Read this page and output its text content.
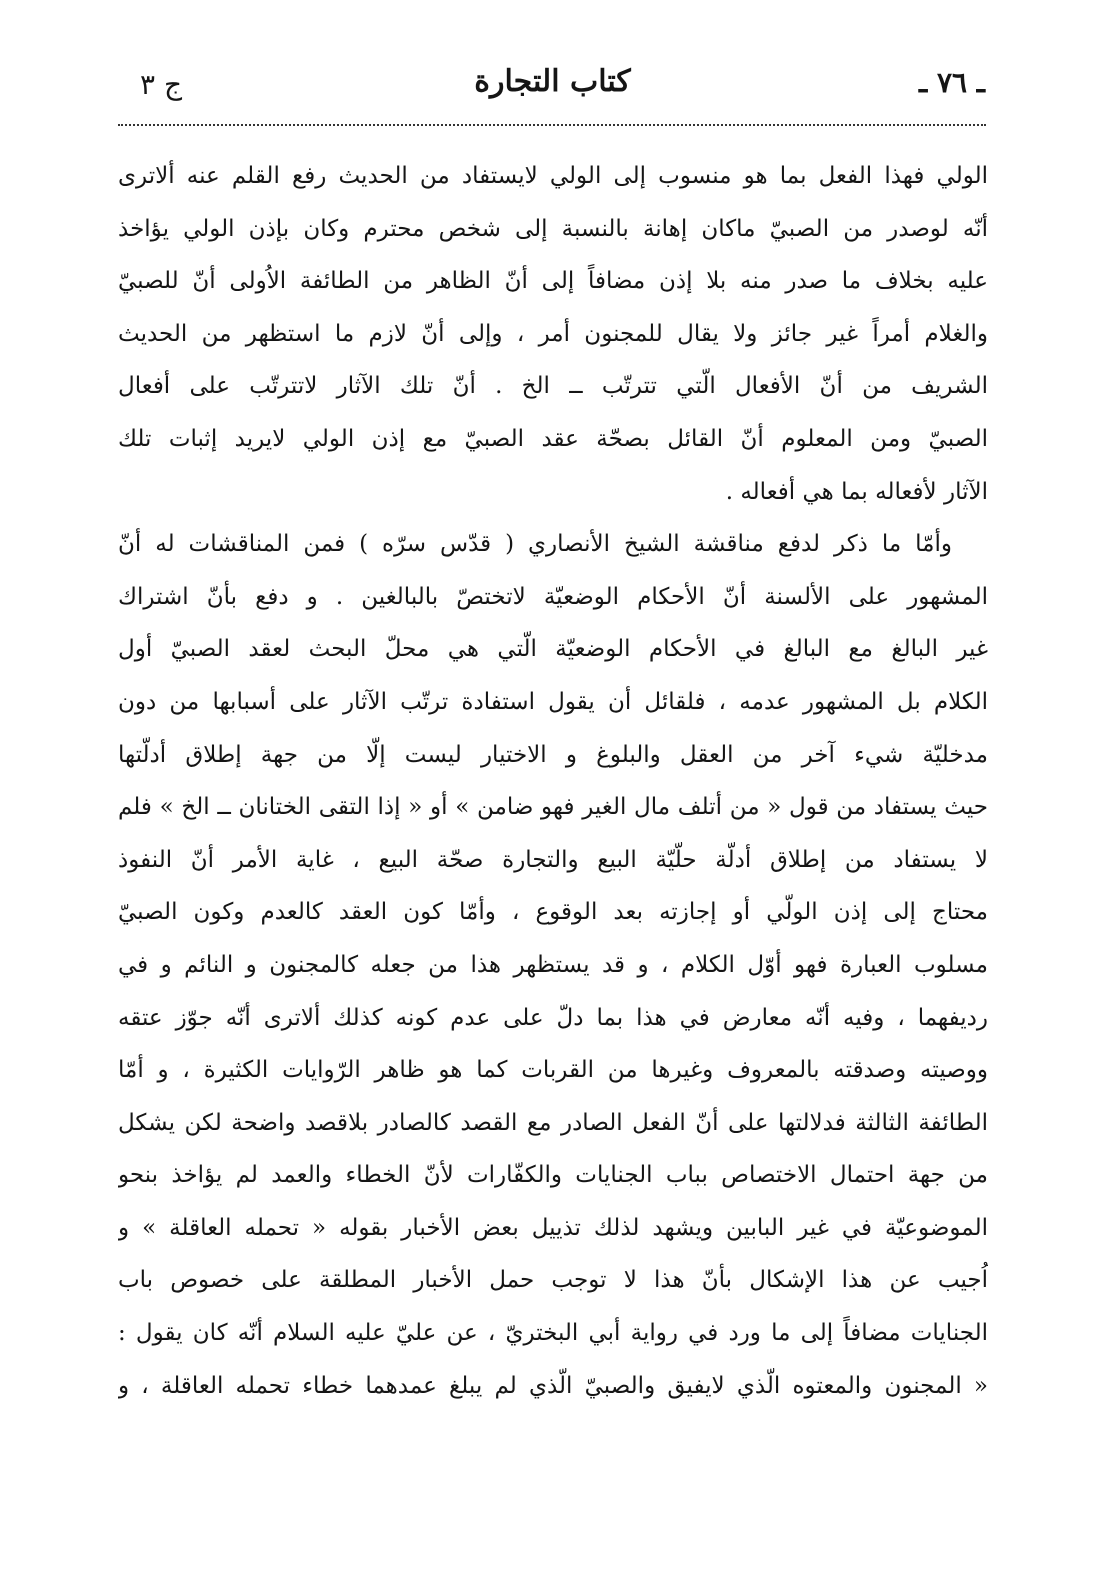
ـ ٧٦ ـ
كتاب التجارة
ج ٣
الولي فهذا الفعل بما هو منسوب إلى الولي لايستفاد من الحديث رفع القلم عنه ألاترى
أنّه لوصدر من الصبيّ ماكان إهانة بالنسبة إلى شخص محترم وكان بإذن الولي يؤاخذ
عليه بخلاف ما صدر منه بلا إذن مضافاً إلى أنّ الظاهر من الطائفة الاُولى أنّ للصبيّ
والغلام أمراً غير جائز ولا يقال للمجنون أمر ، وإلى أنّ لازم ما استظهر من الحديث
الشريف من أنّ الأفعال الّتي تترتّب ــ الخ . أنّ تلك الآثار لاتترتّب على أفعال
الصبيّ ومن المعلوم أنّ القائل بصحّة عقد الصبيّ مع إذن الولي لايريد إثبات تلك
الآثار لأفعاله بما هي أفعاله .
وأمّا ما ذكر لدفع مناقشة الشيخ الأنصاري ( قدّس سرّه ) فمن المناقشات له أنّ
المشهور على الألسنة أنّ الأحكام الوضعيّة لاتختصّ بالبالغين . و دفع بأنّ اشتراك
غير البالغ مع البالغ في الأحكام الوضعيّة الّتي هي محلّ البحث لعقد الصبيّ أول
الكلام بل المشهور عدمه ، فلقائل أن يقول استفادة ترتّب الآثار على أسبابها من دون
مدخليّة شيء آخر من العقل والبلوغ و الاختيار ليست إلّا من جهة إطلاق أدلّتها
حيث يستفاد من قول « من أتلف مال الغير فهو ضامن » أو « إذا التقى الختانان ــ الخ » فلم
لا يستفاد من إطلاق أدلّة حلّيّة البيع والتجارة صحّة البيع ، غاية الأمر أنّ النفوذ
محتاج إلى إذن الولّي أو إجازته بعد الوقوع ، وأمّا كون العقد كالعدم وكون الصبيّ
مسلوب العبارة فهو أوّل الكلام ، و قد يستظهر هذا من جعله كالمجنون و النائم و في
رديفهما ، وفيه أنّه معارض في هذا بما دلّ على عدم كونه كذلك ألاترى أنّه جوّز عتقه
ووصيته وصدقته بالمعروف وغيرها من القربات كما هو ظاهر الرّوايات الكثيرة ، و أمّا
الطائفة الثالثة فدلالتها على أنّ الفعل الصادر مع القصد كالصادر بلاقصد واضحة لكن يشكل
من جهة احتمال الاختصاص بباب الجنايات والكفّارات لأنّ الخطاء والعمد لم يؤاخذ بنحو
الموضوعيّة في غير البابين ويشهد لذلك تذييل بعض الأخبار بقوله « تحمله العاقلة » و
اُجيب عن هذا الإشكال بأنّ هذا لا توجب حمل الأخبار المطلقة على خصوص باب
الجنايات مضافاً إلى ما ورد في رواية أبي البختريّ ، عن عليّ عليه السلام أنّه كان يقول :
« المجنون والمعتوه الّذي لايفيق والصبيّ الّذي لم يبلغ عمدهما خطاء تحمله العاقلة ، و
